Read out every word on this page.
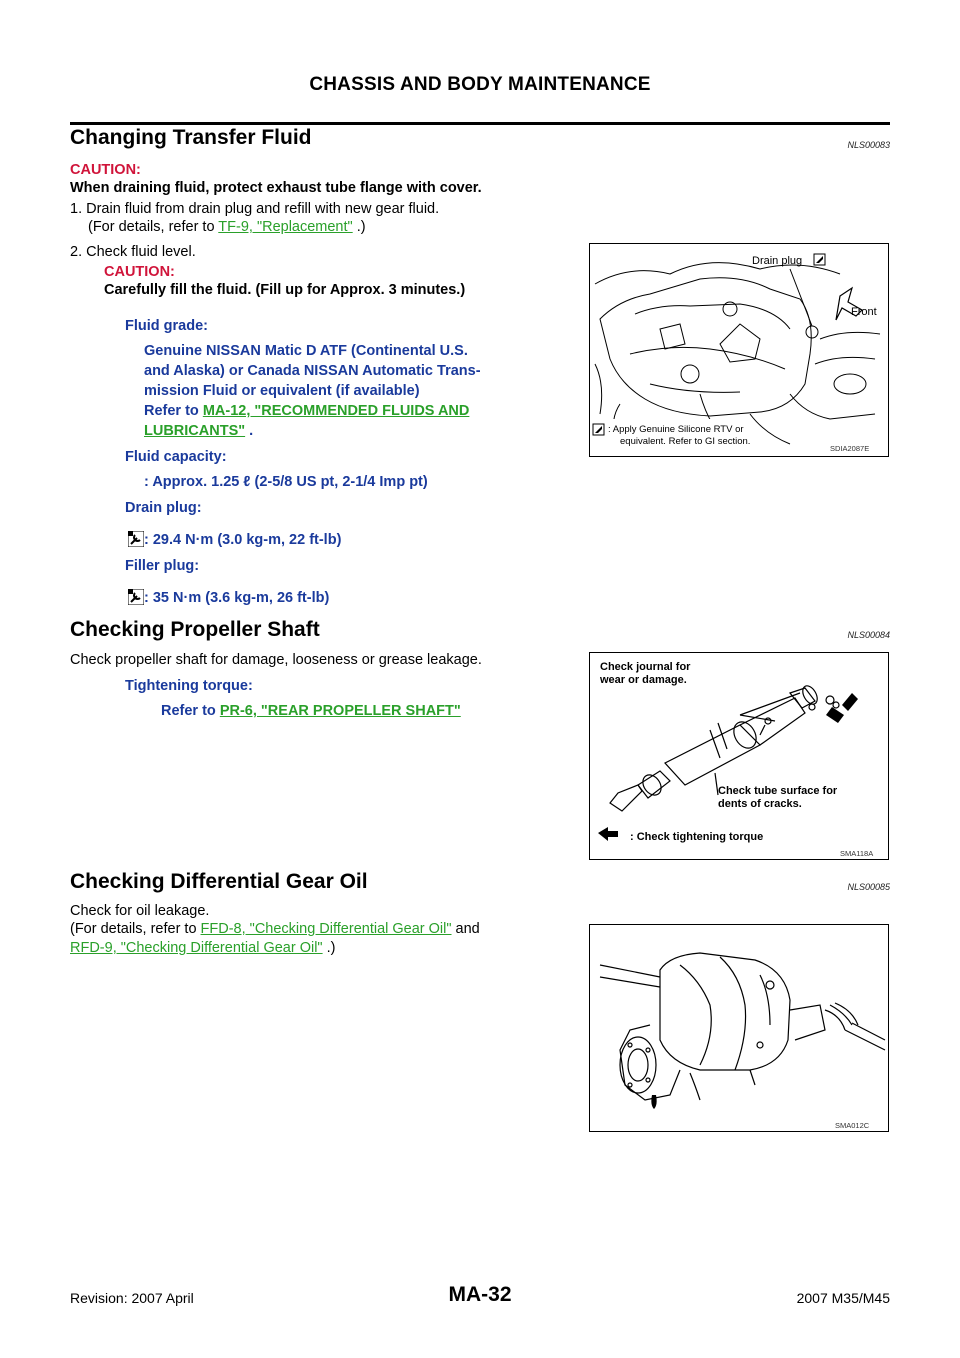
CHASSIS AND BODY MAINTENANCE
Changing Transfer Fluid	NLS00083
CAUTION:
When draining fluid, protect exhaust tube flange with cover.
1. Drain fluid from drain plug and refill with new gear fluid.
(For details, refer to TF-9, "Replacement" .)
2. Check fluid level.
CAUTION:
Carefully fill the fluid. (Fill up for Approx. 3 minutes.)
Fluid grade:
Genuine NISSAN Matic D ATF (Continental U.S.
and Alaska) or Canada NISSAN Automatic Trans-
mission Fluid or equivalent (if available)
Refer to MA-12, "RECOMMENDED FLUIDS AND
LUBRICANTS" .
Fluid capacity:
: Approx. 1.25 ℓ (2-5/8 US pt, 2-1/4 Imp pt)
Drain plug:
: 29.4 N·m (3.0 kg-m, 22 ft-lb)
Filler plug:
: 35 N·m (3.6 kg-m, 26 ft-lb)
Drain plug
Front
: Apply Genuine Silicone RTV or
equivalent. Refer to GI section.
SDIA2087E
Checking Propeller Shaft	NLS00084
Check propeller shaft for damage, looseness or grease leakage.
Tightening torque:
Refer to PR-6, "REAR PROPELLER SHAFT"
Check journal for
wear or damage.
Check tube surface for
dents of cracks.
: Check tightening torque
SMA118A
Checking Differential Gear Oil	NLS00085
Check for oil leakage.
(For details, refer to FFD-8, "Checking Differential Gear Oil" and
RFD-9, "Checking Differential Gear Oil" .)
SMA012C
MA-32
Revision: 2007 April	2007 M35/M45
